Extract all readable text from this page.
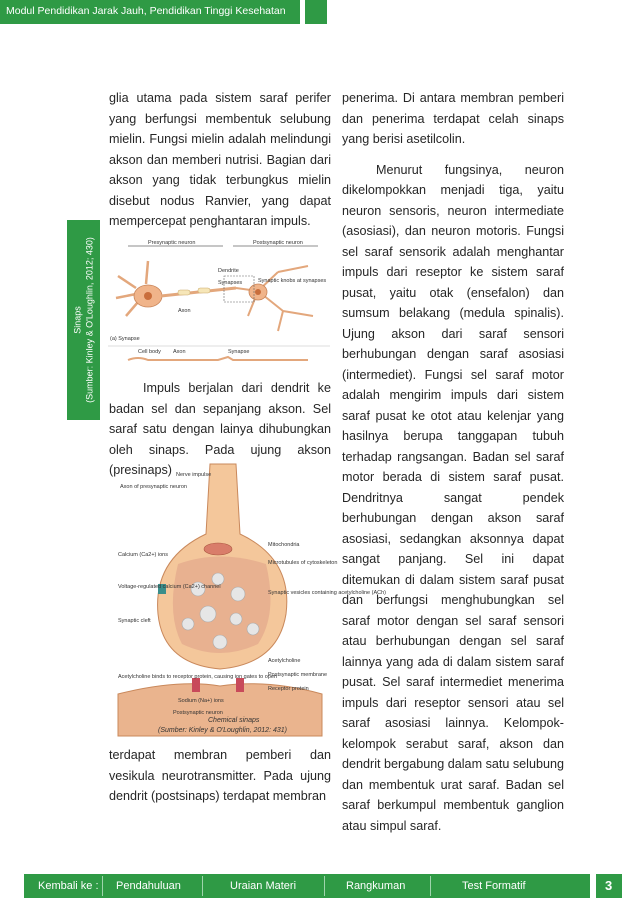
Modul Pendidikan Jarak Jauh, Pendidikan Tinggi Kesehatan
Sinaps (Sumber: Kinley & O'Loughlin, 2012; 430)

glia utama pada sistem saraf perifer yang berfungsi membentuk selubung mielin. Fungsi mielin adalah melindungi akson dan memberi nutrisi. Bagian dari akson yang tidak terbungkus mielin disebut nodus Ranvier, yang dapat mempercepat penghantaran impuls.

Presynaptic neuron	Postsynaptic neuron
Dendrite
Synapses	Synaptic knobs at synapses
Axon
(a) Synapse
Cell body Axon	Synapse

Impuls berjalan dari dendrit ke badan sel dan sepanjang akson. Sel saraf satu dengan lainya dihubungkan oleh sinaps. Pada ujung akson (presinaps) Nerve impulse
Axon of presynaptic neuron
Mitochondria
Calcium (Ca2+) ions
Microtubules of cytoskeleton
Voltage-regulated calcium (Ca2+) channel
Synaptic vesicles containing acetylcholine (ACh)
Synaptic cleft
Acetylcholine
Acetylcholine binds to receptor protein, causing ion gates to open
Postsynaptic membrane
Sodium (Na+) ions
Receptor protein
Postsynaptic neuron
Chemical sinaps
(Sumber: Kinley & O'Loughlin, 2012: 431)

terdapat membran pemberi dan vesikula neurotransmitter. Pada ujung dendrit (postsinaps) terdapat membran

penerima. Di antara membran pemberi dan penerima terdapat celah sinaps yang berisi asetilcolin.

Menurut fungsinya, neuron dikelompokkan menjadi tiga, yaitu neuron sensoris, neuron intermediate (asosiasi), dan neuron motoris. Fungsi sel saraf sensorik adalah menghantar impuls dari reseptor ke sistem saraf pusat, yaitu otak (ensefalon) dan sumsum belakang (medula spinalis). Ujung akson dari saraf sensori berhubungan dengan saraf asosiasi (intermediet). Fungsi sel saraf motor adalah mengirim impuls dari sistem saraf pusat ke otot atau kelenjar yang hasilnya berupa tanggapan tubuh terhadap rangsangan. Badan sel saraf motor berada di sistem saraf pusat. Dendritnya sangat pendek berhubungan dengan akson saraf asosiasi, sedangkan aksonnya dapat sangat panjang. Sel ini dapat ditemukan di dalam sistem saraf pusat dan berfungsi menghubungkan sel saraf motor dengan sel saraf sensori atau berhubungan dengan sel saraf lainnya yang ada di dalam sistem saraf pusat. Sel saraf intermediet menerima impuls dari reseptor sensori atau sel saraf asosiasi lainnya. Kelompok-kelompok serabut saraf, akson dan dendrit bergabung dalam satu selubung dan membentuk urat saraf. Badan sel saraf berkumpul membentuk ganglion atau simpul saraf.

Kembali ke : Pendahuluan	Uraian Materi	Rangkuman	Test Formatif	3
